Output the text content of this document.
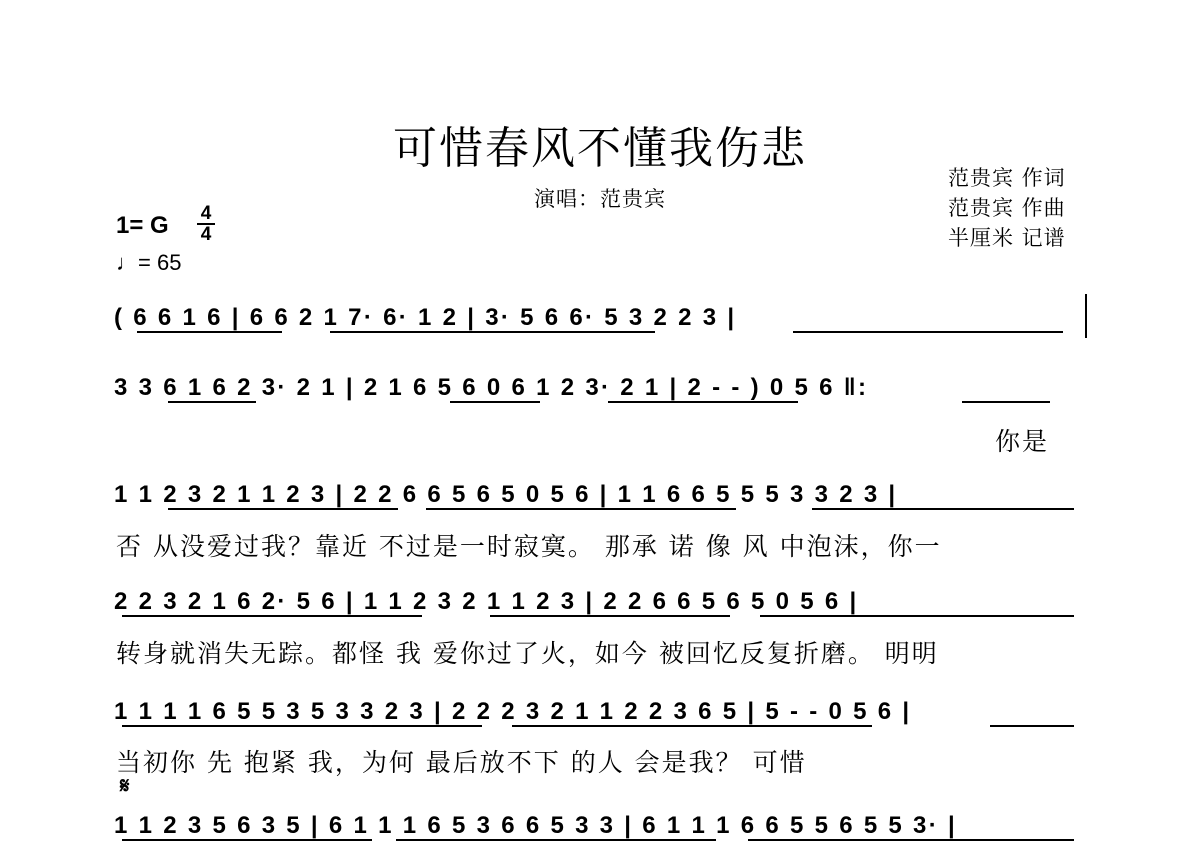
可惜春风不懂我伤悲
演唱：范贵宾
范贵宾 作词
范贵宾 作曲
半厘米 记谱
1= G	4
4
♩= 65
( 6 6 1 6 | 6 6 2 1 7· 6· 1 2 | 3· 5 6 6· 5 3 2 2 3 |
3 3 6 1 6 2 3· 2 1 | 2 1 6 5 6 0 6 1 2 3· 2 1 | 2 - - ) 0 5 6 ‖:
你是
1 1 2 3 2 1 1 2 3 | 2 2 6 6 5 6 5 0 5 6 | 1 1 6 6 5 5 5 3 3 2 3 |
否 从没爱过我？靠近 不过是一时寂寞。 那承 诺 像 风 中泡沫，你一
2 2 3 2 1 6 2· 5 6 | 1 1 2 3 2 1 1 2 3 | 2 2 6 6 5 6 5 0 5 6 |
转身就消失无踪。都怪 我 爱你过了火，如今 被回忆反复折磨。 明明
1 1 1 1 6 5 5 3 5 3 3 2 3 | 2 2 2 3 2 1 1 2 2 3 6 5 | 5 - - 0 5 6 |
当初你 先 抱紧 我，为何 最后放不下 的人 会是我？ 可惜
𝄋
1 1 2 3 5 6 3 5 | 6 1 1 1 6 5 3 6 6 5 3 3 | 6 1 1 1 6 6 5 5 6 5 5 3· |
